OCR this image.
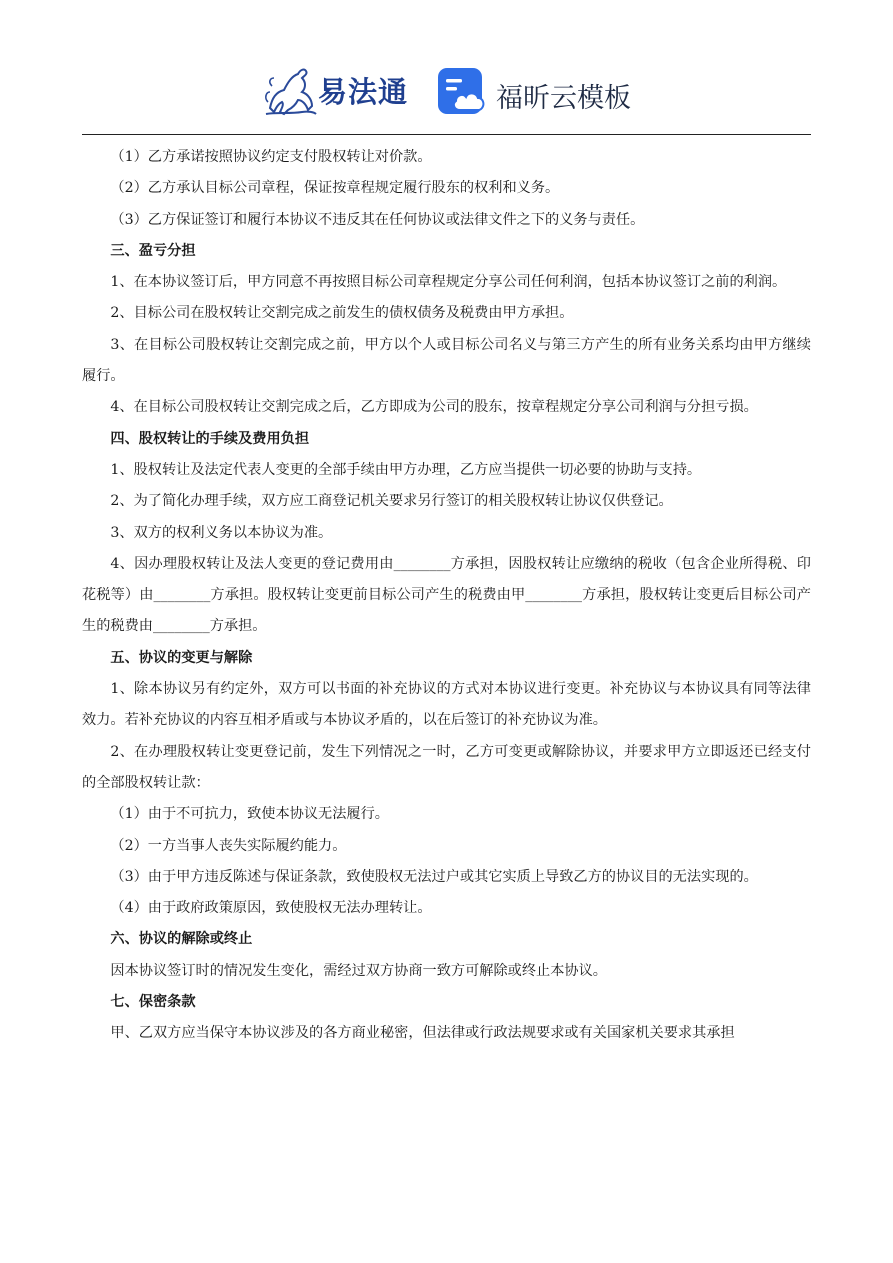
易法通	福昕云模板

（1）乙方承诺按照协议约定支付股权转让对价款。

（2）乙方承认目标公司章程，保证按章程规定履行股东的权利和义务。

（3）乙方保证签订和履行本协议不违反其在任何协议或法律文件之下的义务与责任。

三、盈亏分担

1、在本协议签订后，甲方同意不再按照目标公司章程规定分享公司任何利润，包括本协议签订之前的利润。

2、目标公司在股权转让交割完成之前发生的债权债务及税费由甲方承担。

3、在目标公司股权转让交割完成之前，甲方以个人或目标公司名义与第三方产生的所有业务关系均由甲方继续履行。

4、在目标公司股权转让交割完成之后，乙方即成为公司的股东，按章程规定分享公司利润与分担亏损。

四、股权转让的手续及费用负担

1、股权转让及法定代表人变更的全部手续由甲方办理，乙方应当提供一切必要的协助与支持。

2、为了简化办理手续，双方应工商登记机关要求另行签订的相关股权转让协议仅供登记。

3、双方的权利义务以本协议为准。

4、因办理股权转让及法人变更的登记费用由________方承担，因股权转让应缴纳的税收（包含企业所得税、印花税等）由________方承担。股权转让变更前目标公司产生的税费由甲________方承担，股权转让变更后目标公司产生的税费由________方承担。

五、协议的变更与解除

1、除本协议另有约定外，双方可以书面的补充协议的方式对本协议进行变更。补充协议与本协议具有同等法律效力。若补充协议的内容互相矛盾或与本协议矛盾的，以在后签订的补充协议为准。

2、在办理股权转让变更登记前，发生下列情况之一时，乙方可变更或解除协议，并要求甲方立即返还已经支付的全部股权转让款：

（1）由于不可抗力，致使本协议无法履行。

（2）一方当事人丧失实际履约能力。

（3）由于甲方违反陈述与保证条款，致使股权无法过户或其它实质上导致乙方的协议目的无法实现的。

（4）由于政府政策原因，致使股权无法办理转让。

六、协议的解除或终止

因本协议签订时的情况发生变化，需经过双方协商一致方可解除或终止本协议。

七、保密条款

甲、乙双方应当保守本协议涉及的各方商业秘密，但法律或行政法规要求或有关国家机关要求其承担
